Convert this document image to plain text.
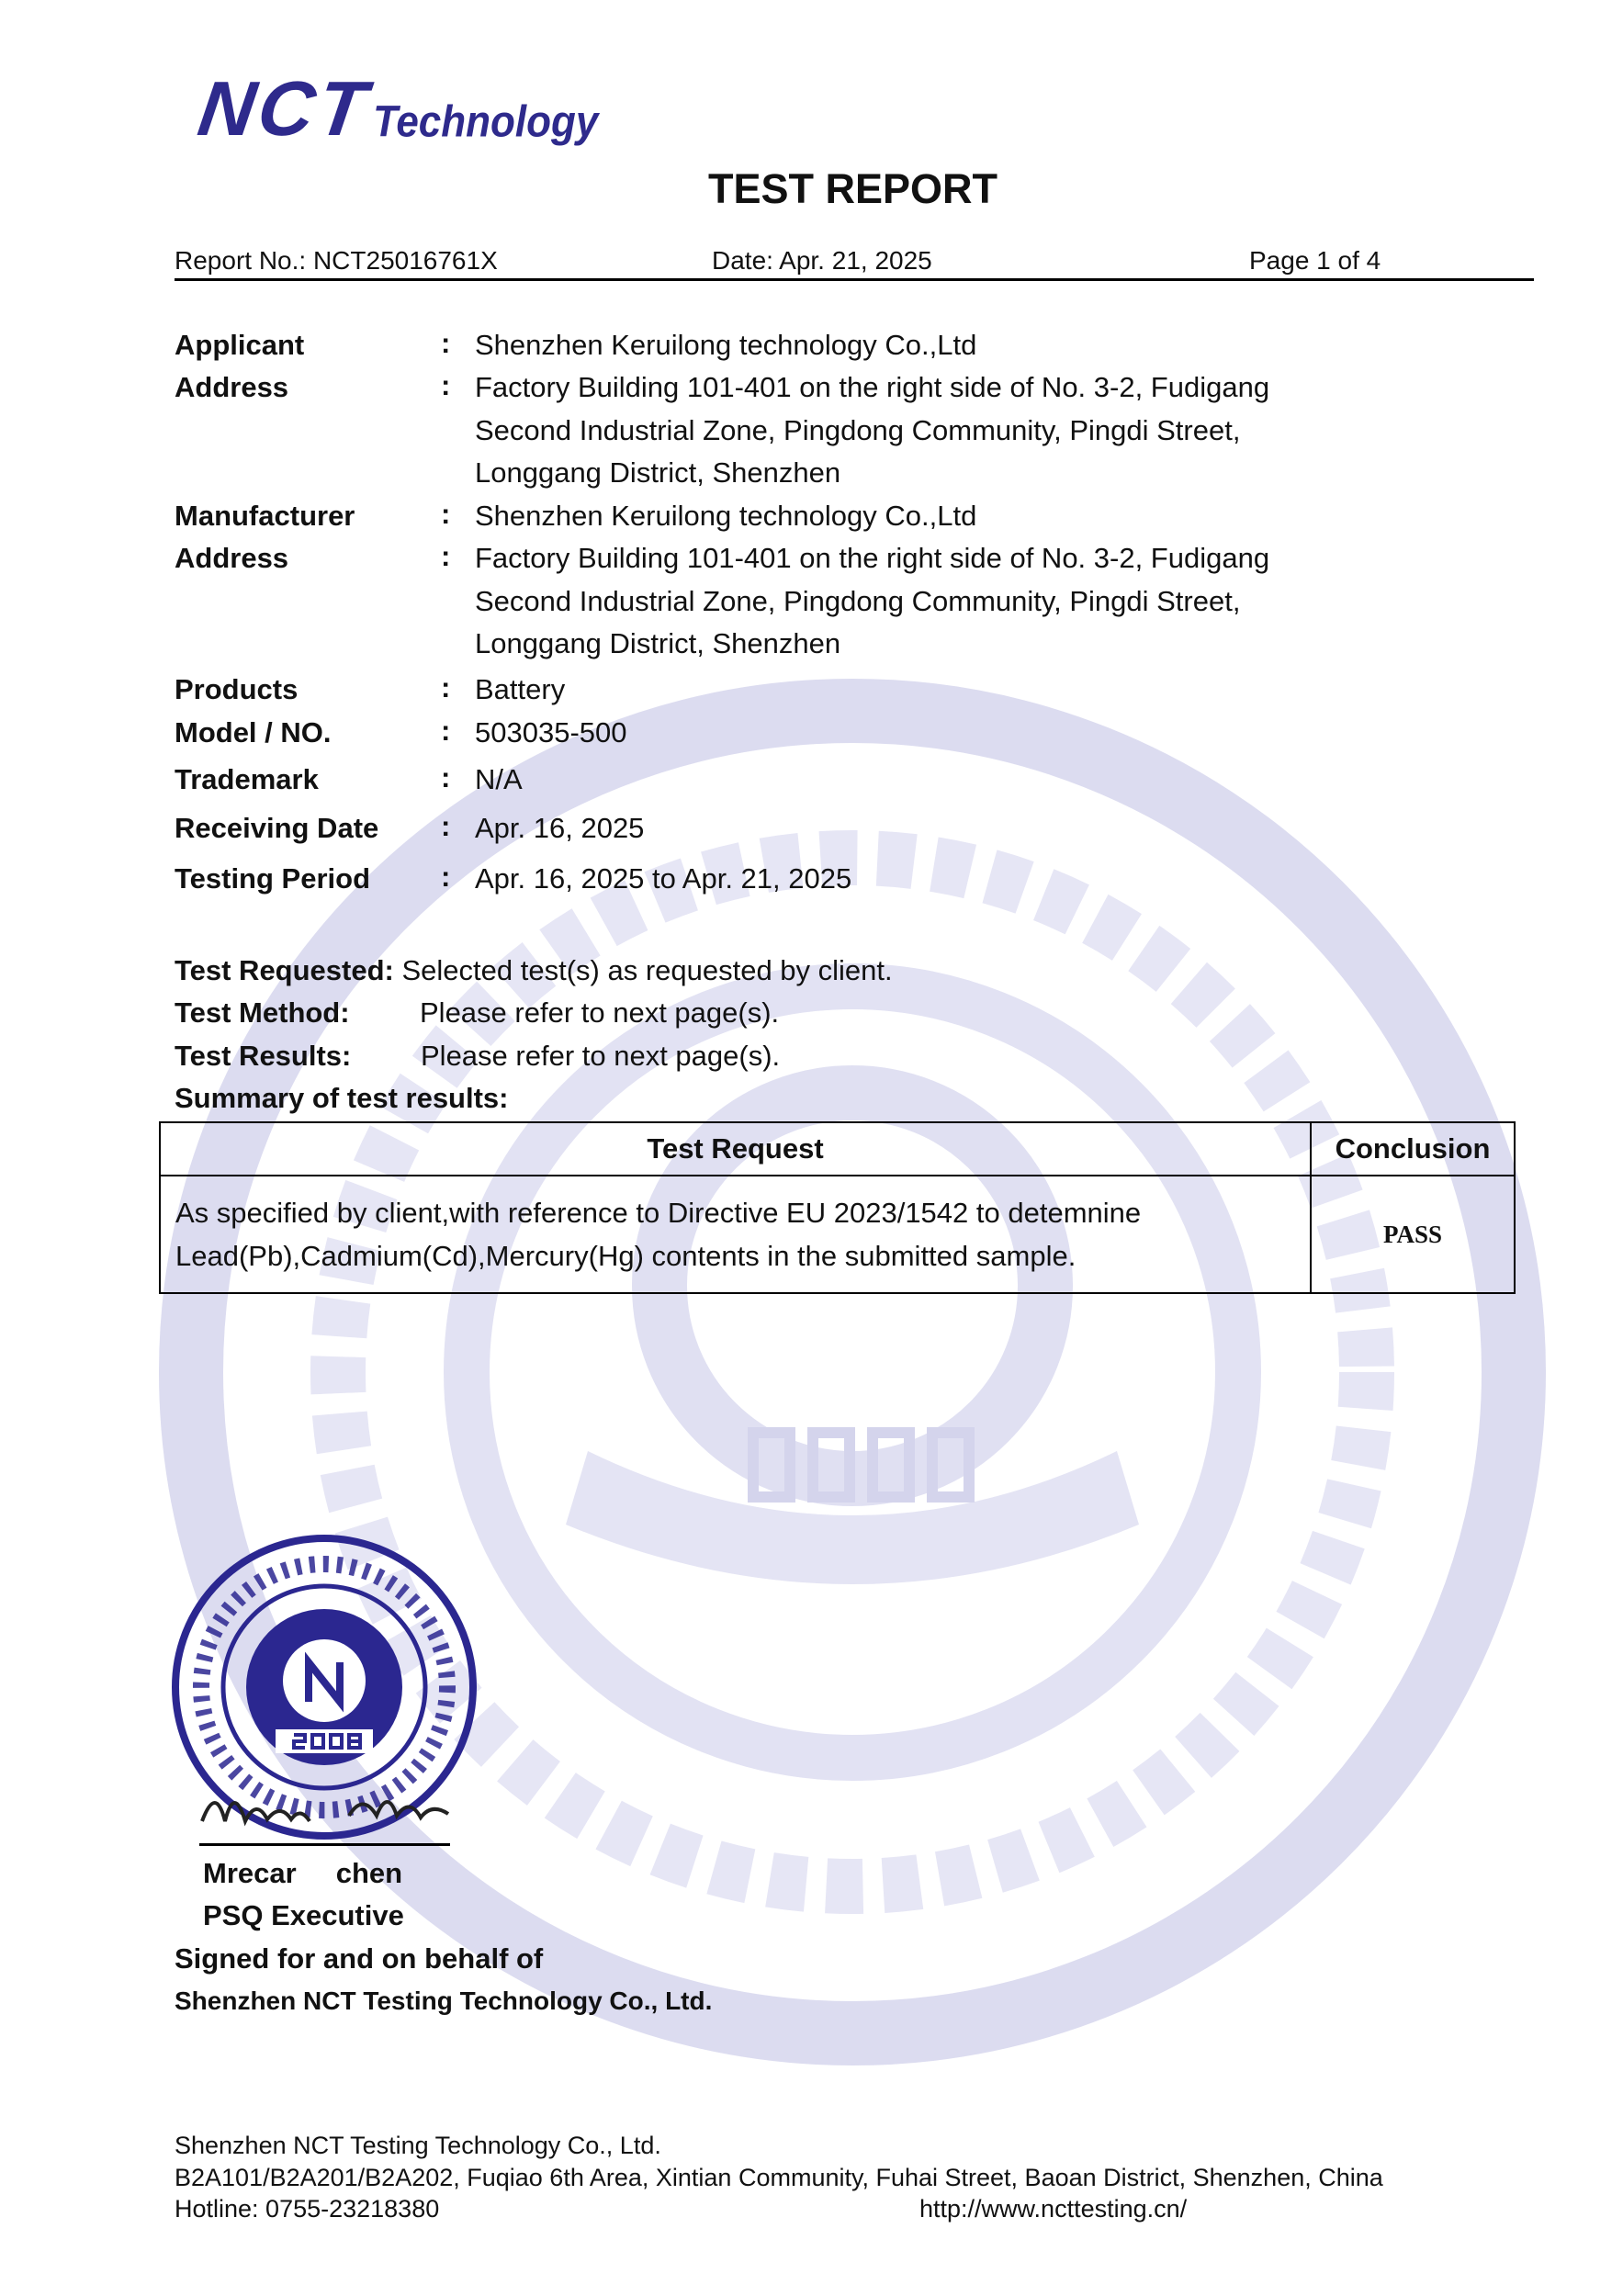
NCT Technology
TEST REPORT
Report No.: NCT25016761X	Date: Apr. 21, 2025	Page 1 of 4
Applicant	: Shenzhen Keruilong technology Co.,Ltd
Address	: Factory Building 101-401 on the right side of No. 3-2, Fudigang
Second Industrial Zone, Pingdong Community, Pingdi Street,
Longgang District, Shenzhen
Manufacturer	: Shenzhen Keruilong technology Co.,Ltd
Address	: Factory Building 101-401 on the right side of No. 3-2, Fudigang
Second Industrial Zone, Pingdong Community, Pingdi Street,
Longgang District, Shenzhen
Products	: Battery
Model / NO.	: 503035-500
Trademark	: N/A
Receiving Date : Apr. 16, 2025
Testing Period : Apr. 16, 2025 to Apr. 21, 2025
Test Requested: Selected test(s) as requested by client.
Test Method: Please refer to next page(s).
Test Results: Please refer to next page(s).
Summary of test results:
Test Request	Conclusion

As specified by client,with reference to Directive EU 2023/1542 to detemnine
Lead(Pb),Cadmium(Cd),Mercury(Hg) contents in the submitted sample.	PASS
Mrecar     chen
PSQ Executive
Signed for and on behalf of
Shenzhen NCT Testing Technology Co., Ltd.
Shenzhen NCT Testing Technology Co., Ltd.
B2A101/B2A201/B2A202, Fuqiao 6th Area, Xintian Community, Fuhai Street, Baoan District, Shenzhen, China
Hotline: 0755-23218380	http://www.ncttesting.cn/
